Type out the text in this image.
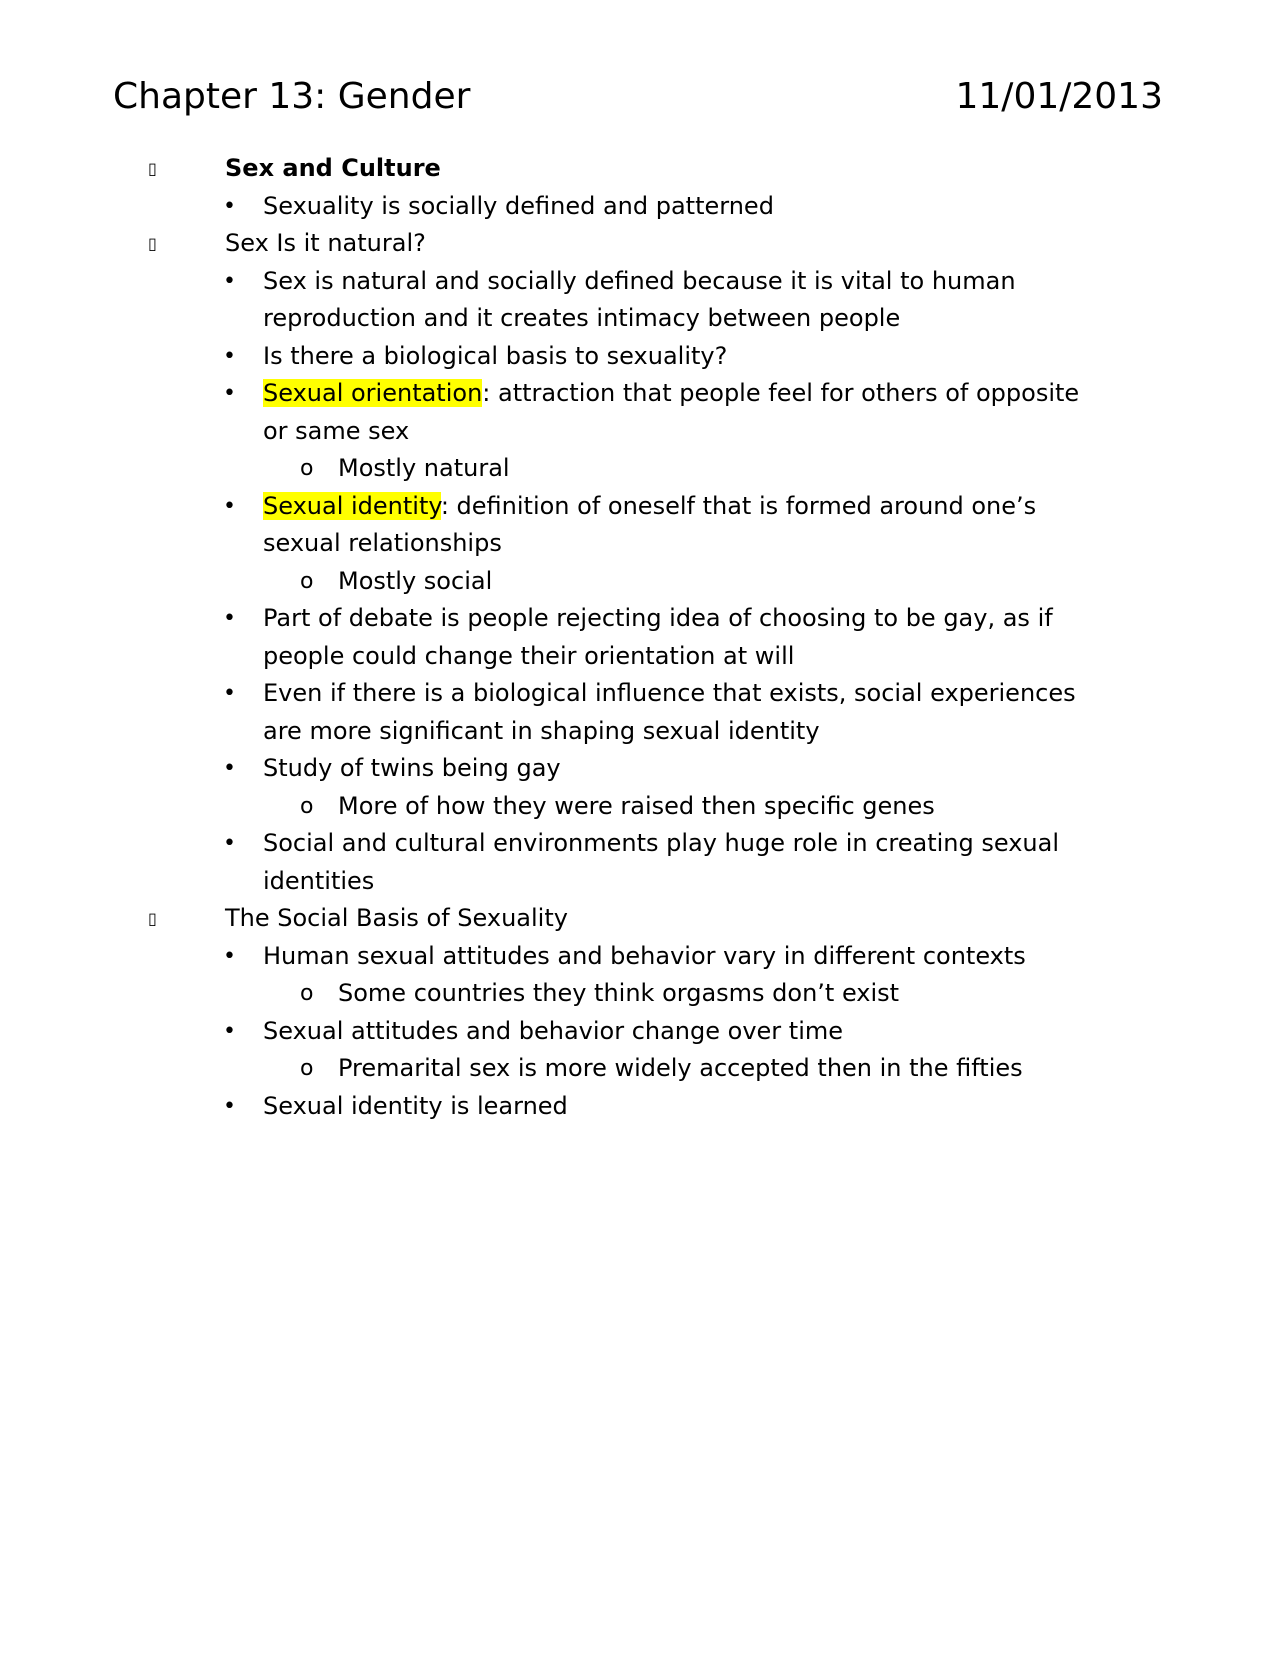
Chapter 13: Gender	11/01/2013
▯	Sex and Culture
• Sexuality is socially defined and patterned
▯	Sex Is it natural?
• Sex is natural and socially defined because it is vital to human
reproduction and it creates intimacy between people
• Is there a biological basis to sexuality?
• Sexual orientation: attraction that people feel for others of opposite
or same sex
o Mostly natural
• Sexual identity: definition of oneself that is formed around one’s
sexual relationships
o Mostly social
• Part of debate is people rejecting idea of choosing to be gay, as if
people could change their orientation at will
• Even if there is a biological influence that exists, social experiences
are more significant in shaping sexual identity
• Study of twins being gay
o More of how they were raised then specific genes
• Social and cultural environments play huge role in creating sexual
identities
▯	The Social Basis of Sexuality
• Human sexual attitudes and behavior vary in different contexts
o Some countries they think orgasms don’t exist
• Sexual attitudes and behavior change over time
o Premarital sex is more widely accepted then in the fifties
• Sexual identity is learned
